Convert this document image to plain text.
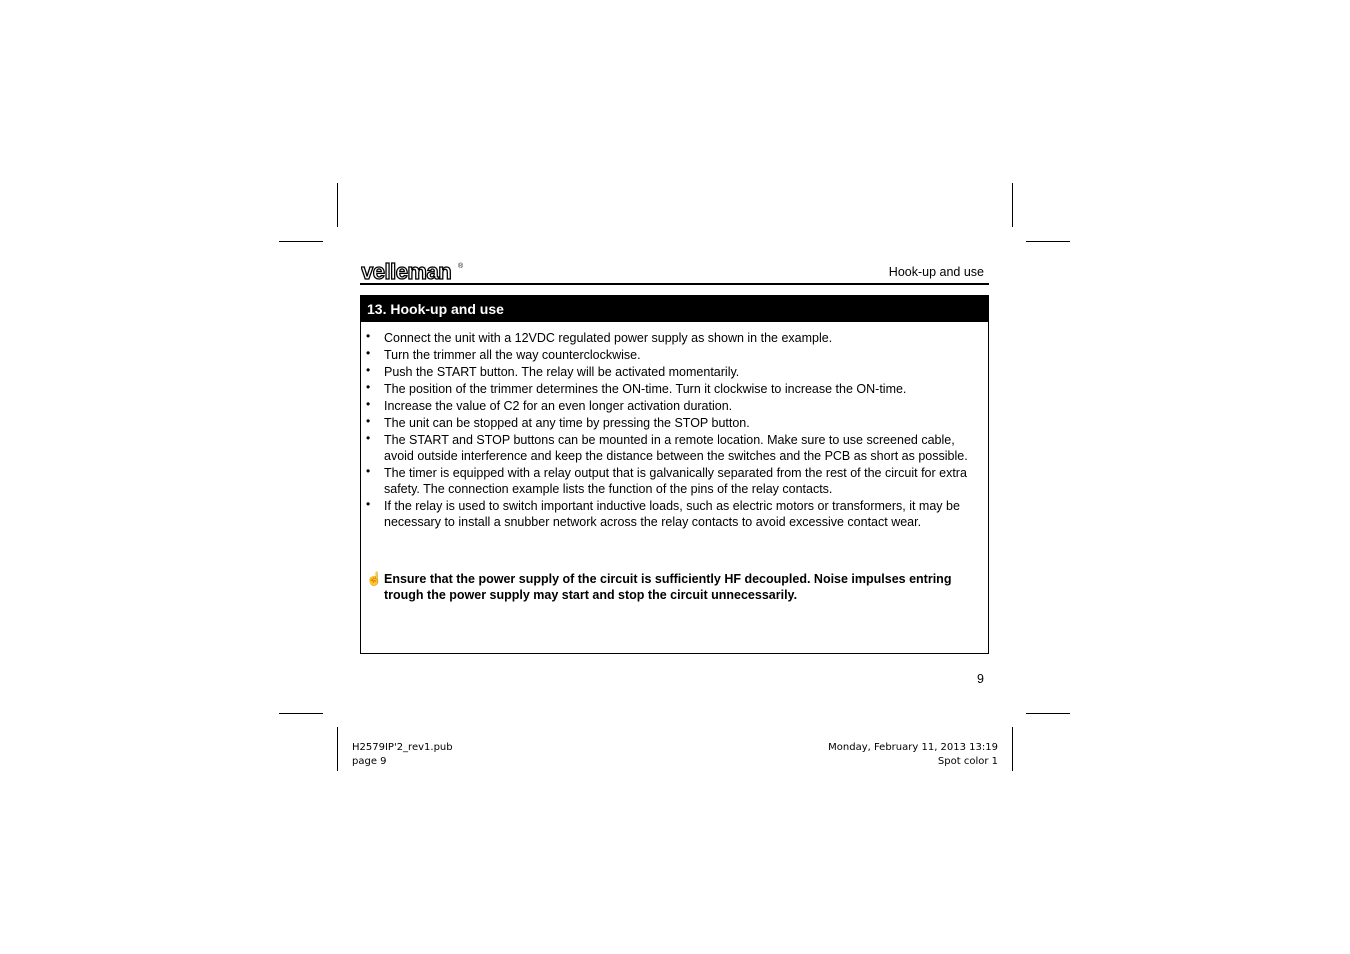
velleman ®	Hook-up and use
13. Hook-up and use
• Connect the unit with a 12VDC regulated power supply as shown in the example.
• Turn the trimmer all the way counterclockwise.
• Push the START button. The relay will be activated momentarily.
• The position of the trimmer determines the ON-time. Turn it clockwise to increase the ON-time.
• Increase the value of C2 for an even longer activation duration.
• The unit can be stopped at any time by pressing the STOP button.
• The START and STOP buttons can be mounted in a remote location. Make sure to use screened cable, avoid outside interference and keep the distance between the switches and the PCB as short as possible.
• The timer is equipped with a relay output that is galvanically separated from the rest of the circuit for extra safety. The connection example lists the function of the pins of the relay contacts.
• If the relay is used to switch important inductive loads, such as electric motors or transformers, it may be necessary to install a snubber network across the relay contacts to avoid excessive contact wear.
☝ Ensure that the power supply of the circuit is sufficiently HF decoupled. Noise impulses entring trough the power supply may start and stop the circuit unnecessarily.
9
H2579IP'2_rev1.pub
page 9
Monday, February 11, 2013 13:19
Spot color 1
